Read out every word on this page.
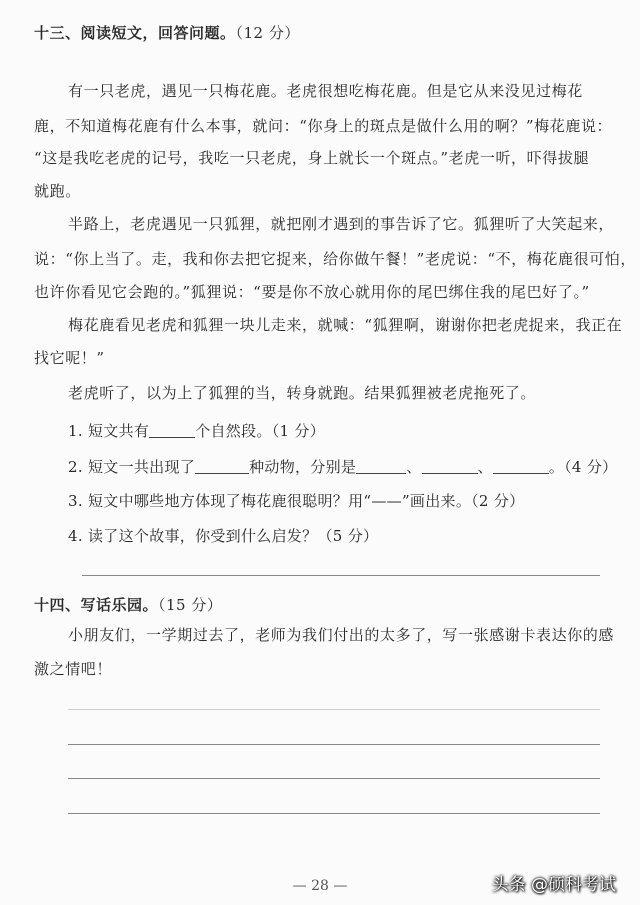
十三、阅读短文，回答问题。（12 分）
有一只老虎，遇见一只梅花鹿。老虎很想吃梅花鹿。但是它从来没见过梅花
鹿，不知道梅花鹿有什么本事，就问：“你身上的斑点是做什么用的啊？”梅花鹿说：
“这是我吃老虎的记号，我吃一只老虎，身上就长一个斑点。”老虎一听，吓得拔腿
就跑。
半路上，老虎遇见一只狐狸，就把刚才遇到的事告诉了它。狐狸听了大笑起来，
说：“你上当了。走，我和你去把它捉来，给你做午餐！”老虎说：“不，梅花鹿很可怕，
也许你看见它会跑的。”狐狸说：“要是你不放心就用你的尾巴绑住我的尾巴好了。”
梅花鹿看见老虎和狐狸一块儿走来，就喊：“狐狸啊，谢谢你把老虎捉来，我正在
找它呢！”
老虎听了，以为上了狐狸的当，转身就跑。结果狐狸被老虎拖死了。
1. 短文共有	个自然段。（1 分）
2. 短文一共出现了	种动物，分别是	、	、	。（4 分）
3. 短文中哪些地方体现了梅花鹿很聪明？用“——”画出来。（2 分）
4. 读了这个故事，你受到什么启发？（5 分）
十四、写话乐园。（15 分）
小朋友们，一学期过去了，老师为我们付出的太多了，写一张感谢卡表达你的感
激之情吧！
— 28 —	头条 @硕科考试
